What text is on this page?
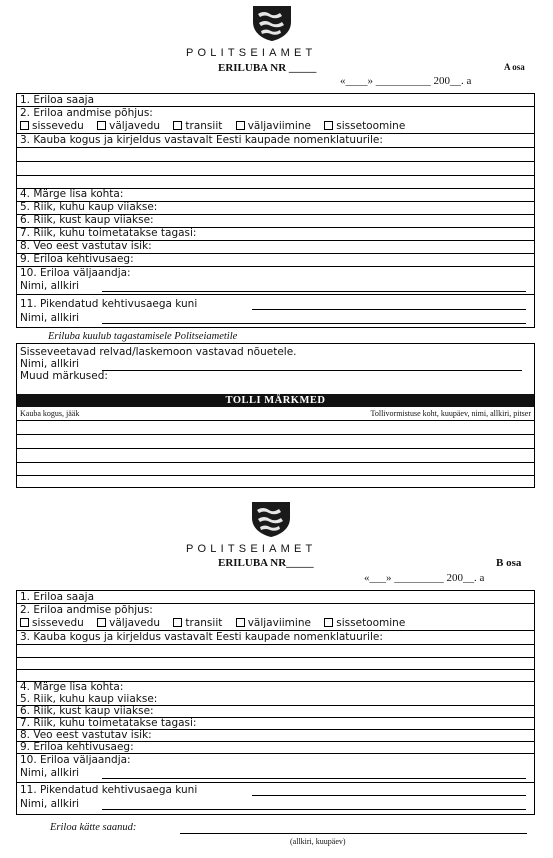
POLITSEIAMET
ERILUBA NR _____	A osa
«____» __________ 200__. a
1. Eriloa saaja
2. Eriloa andmise põhjus:
sissevedu väljavedu transiit väljaviimine sissetoomine
3. Kauba kogus ja kirjeldus vastavalt Eesti kaupade nomenklatuurile:
4. Märge lisa kohta:
5. Riik, kuhu kaup viiakse:
6. Riik, kust kaup viiakse:
7. Riik, kuhu toimetatakse tagasi:
8. Veo eest vastutav isik:
9. Eriloa kehtivusaeg:
10. Eriloa väljaandja:
Nimi, allkiri
11. Pikendatud kehtivusaega kuni
Nimi, allkiri
Eriluba kuulub tagastamisele Politseiametile
Sisseveetavad relvad/laskemoon vastavad nõuetele.
Nimi, allkiri
Muud märkused:
TOLLI MÄRKMED
Kauba kogus, jääk	Tollivormistuse koht, kuupäev, nimi, allkiri, pitser
POLITSEIAMET
ERILUBA NR_____	B osa
«___» _________ 200__. a
1. Eriloa saaja
2. Eriloa andmise põhjus:
sissevedu väljavedu transiit väljaviimine sissetoomine
3. Kauba kogus ja kirjeldus vastavalt Eesti kaupade nomenklatuurile:
4. Märge lisa kohta:
5. Riik, kuhu kaup viiakse:
6. Riik, kust kaup viiakse:
7. Riik, kuhu toimetatakse tagasi:
8. Veo eest vastutav isik:
9. Eriloa kehtivusaeg:
10. Eriloa väljaandja:
Nimi, allkiri
11. Pikendatud kehtivusaega kuni
Nimi, allkiri
Eriloa kätte saanud:
(allkiri, kuupäev)
